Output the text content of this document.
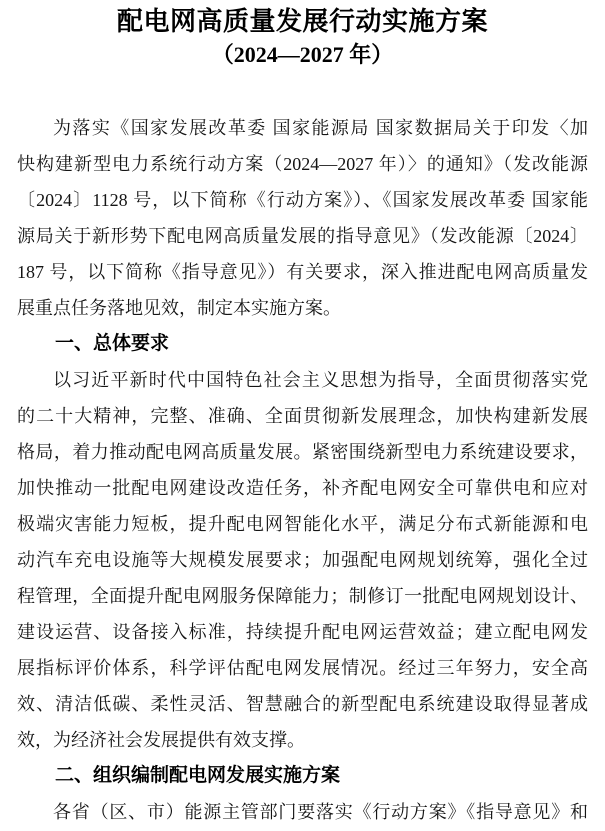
配电网高质量发展行动实施方案
（2024—2027 年）
为落实《国家发展改革委 国家能源局 国家数据局关于印发〈加
快构建新型电力系统行动方案（2024—2027 年）〉的通知》（发改能源
〔2024〕1128 号，以下简称《行动方案》）、《国家发展改革委 国家能
源局关于新形势下配电网高质量发展的指导意见》（发改能源〔2024〕
187 号，以下简称《指导意见》）有关要求，深入推进配电网高质量发
展重点任务落地见效，制定本实施方案。
一、总体要求
以习近平新时代中国特色社会主义思想为指导，全面贯彻落实党
的二十大精神，完整、准确、全面贯彻新发展理念，加快构建新发展
格局，着力推动配电网高质量发展。紧密围绕新型电力系统建设要求，
加快推动一批配电网建设改造任务，补齐配电网安全可靠供电和应对
极端灾害能力短板，提升配电网智能化水平，满足分布式新能源和电
动汽车充电设施等大规模发展要求；加强配电网规划统筹，强化全过
程管理，全面提升配电网服务保障能力；制修订一批配电网规划设计、
建设运营、设备接入标准，持续提升配电网运营效益；建立配电网发
展指标评价体系，科学评估配电网发展情况。经过三年努力，安全高
效、清洁低碳、柔性灵活、智慧融合的新型配电系统建设取得显著成
效，为经济社会发展提供有效支撑。
二、组织编制配电网发展实施方案
各省（区、市）能源主管部门要落实《行动方案》《指导意见》和
